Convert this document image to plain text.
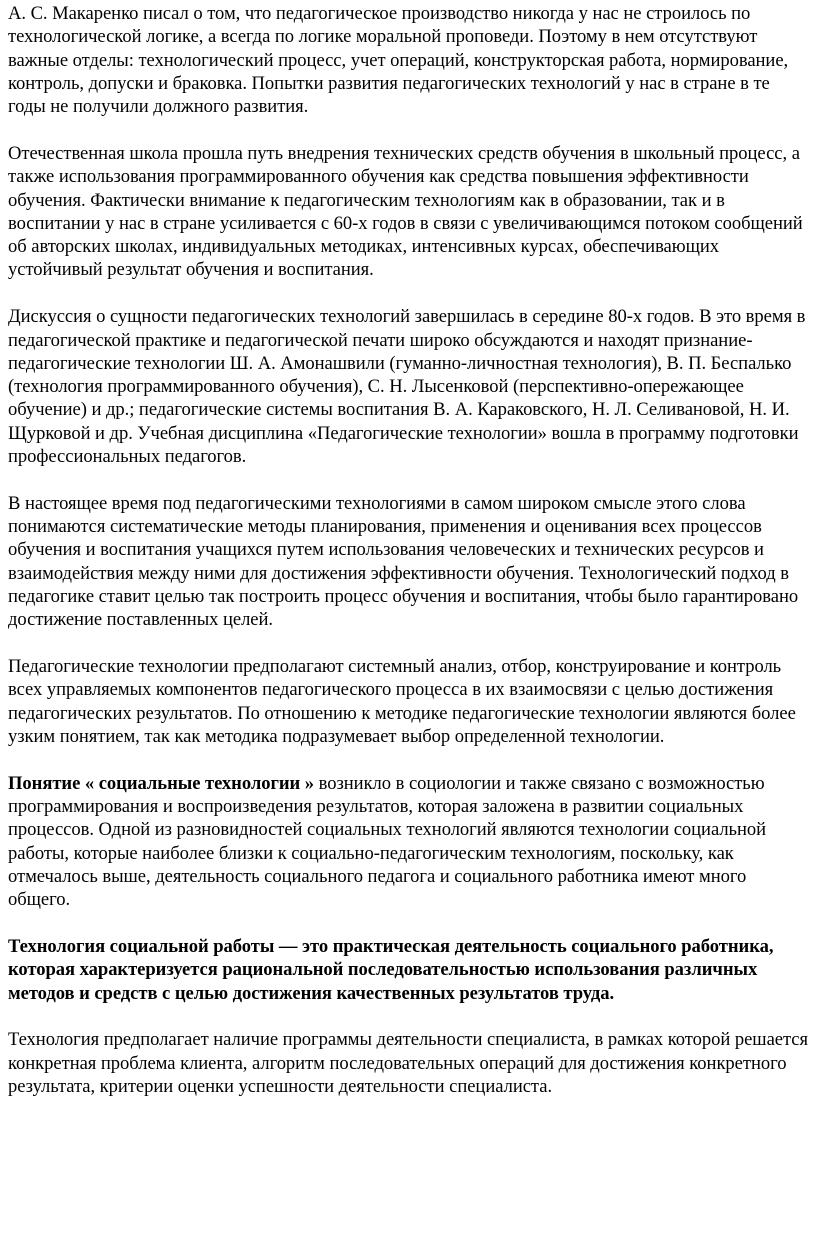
А. С. Макаренко писал о том, что педагогическое производство никогда у нас не строилось по технологической логике, а всегда по логике моральной проповеди. Поэтому в нем отсутствуют важные отделы: технологический процесс, учет операций, конструкторская работа, нормирование, контроль, допуски и браковка. Попытки развития педагогических технологий у нас в стране в те годы не получили должного развития.

Отечественная школа прошла путь внедрения технических средств обучения в школьный процесс, а также использования программированного обучения как средства повышения эффективности обучения. Фактически внимание к педагогическим технологиям как в образовании, так и в воспитании у нас в стране усиливается с 60-х годов в связи с увеличивающимся потоком сообщений об авторских школах, индивидуальных методиках, интенсивных курсах, обеспечивающих устойчивый результат обучения и воспитания.

Дискуссия о сущности педагогических технологий завершилась в середине 80-х годов. В это время в педагогической практике и педагогической печати широко обсуждаются и находят признание-педагогические технологии Ш. А. Амонашвили (гуманно-личностная технология), В. П. Беспалько (технология программированного обучения), С. Н. Лысенковой (перспективно-опережающее обучение) и др.; педагогические системы воспитания В. А. Караковского, Н. Л. Селивановой, Н. И. Щурковой и др. Учебная дисциплина «Педагогические технологии» вошла в программу подготовки профессиональных педагогов.

В настоящее время под педагогическими технологиями в самом широком смысле этого слова понимаются систематические методы планирования, применения и оценивания всех процессов обучения и воспитания учащихся путем использования человеческих и технических ресурсов и взаимодействия между ними для достижения эффективности обучения. Технологический подход в педагогике ставит целью так построить процесс обучения и воспитания, чтобы было гарантировано достижение поставленных целей.

Педагогические технологии предполагают системный анализ, отбор, конструирование и контроль всех управляемых компонентов педагогического процесса в их взаимосвязи с целью достижения педагогических результатов. По отношению к методике педагогические технологии являются более узким понятием, так как методика подразумевает выбор определенной технологии.

Понятие « социальные технологии » возникло в социологии и также связано с возможностью программирования и воспроизведения результатов, которая заложена в развитии социальных процессов. Одной из разновидностей социальных технологий являются технологии социальной работы, которые наиболее близки к социально-педагогическим технологиям, поскольку, как отмечалось выше, деятельность социального педагога и социального работника имеют много общего.

Технология социальной работы — это практическая деятельность социального работника, которая характеризуется рациональной последовательностью использования различных методов и средств с целью достижения качественных результатов труда.

Технология предполагает наличие программы деятельности специалиста, в рамках которой решается конкретная проблема клиента, алгоритм последовательных операций для достижения конкретного результата, критерии оценки успешности деятельности специалиста.
